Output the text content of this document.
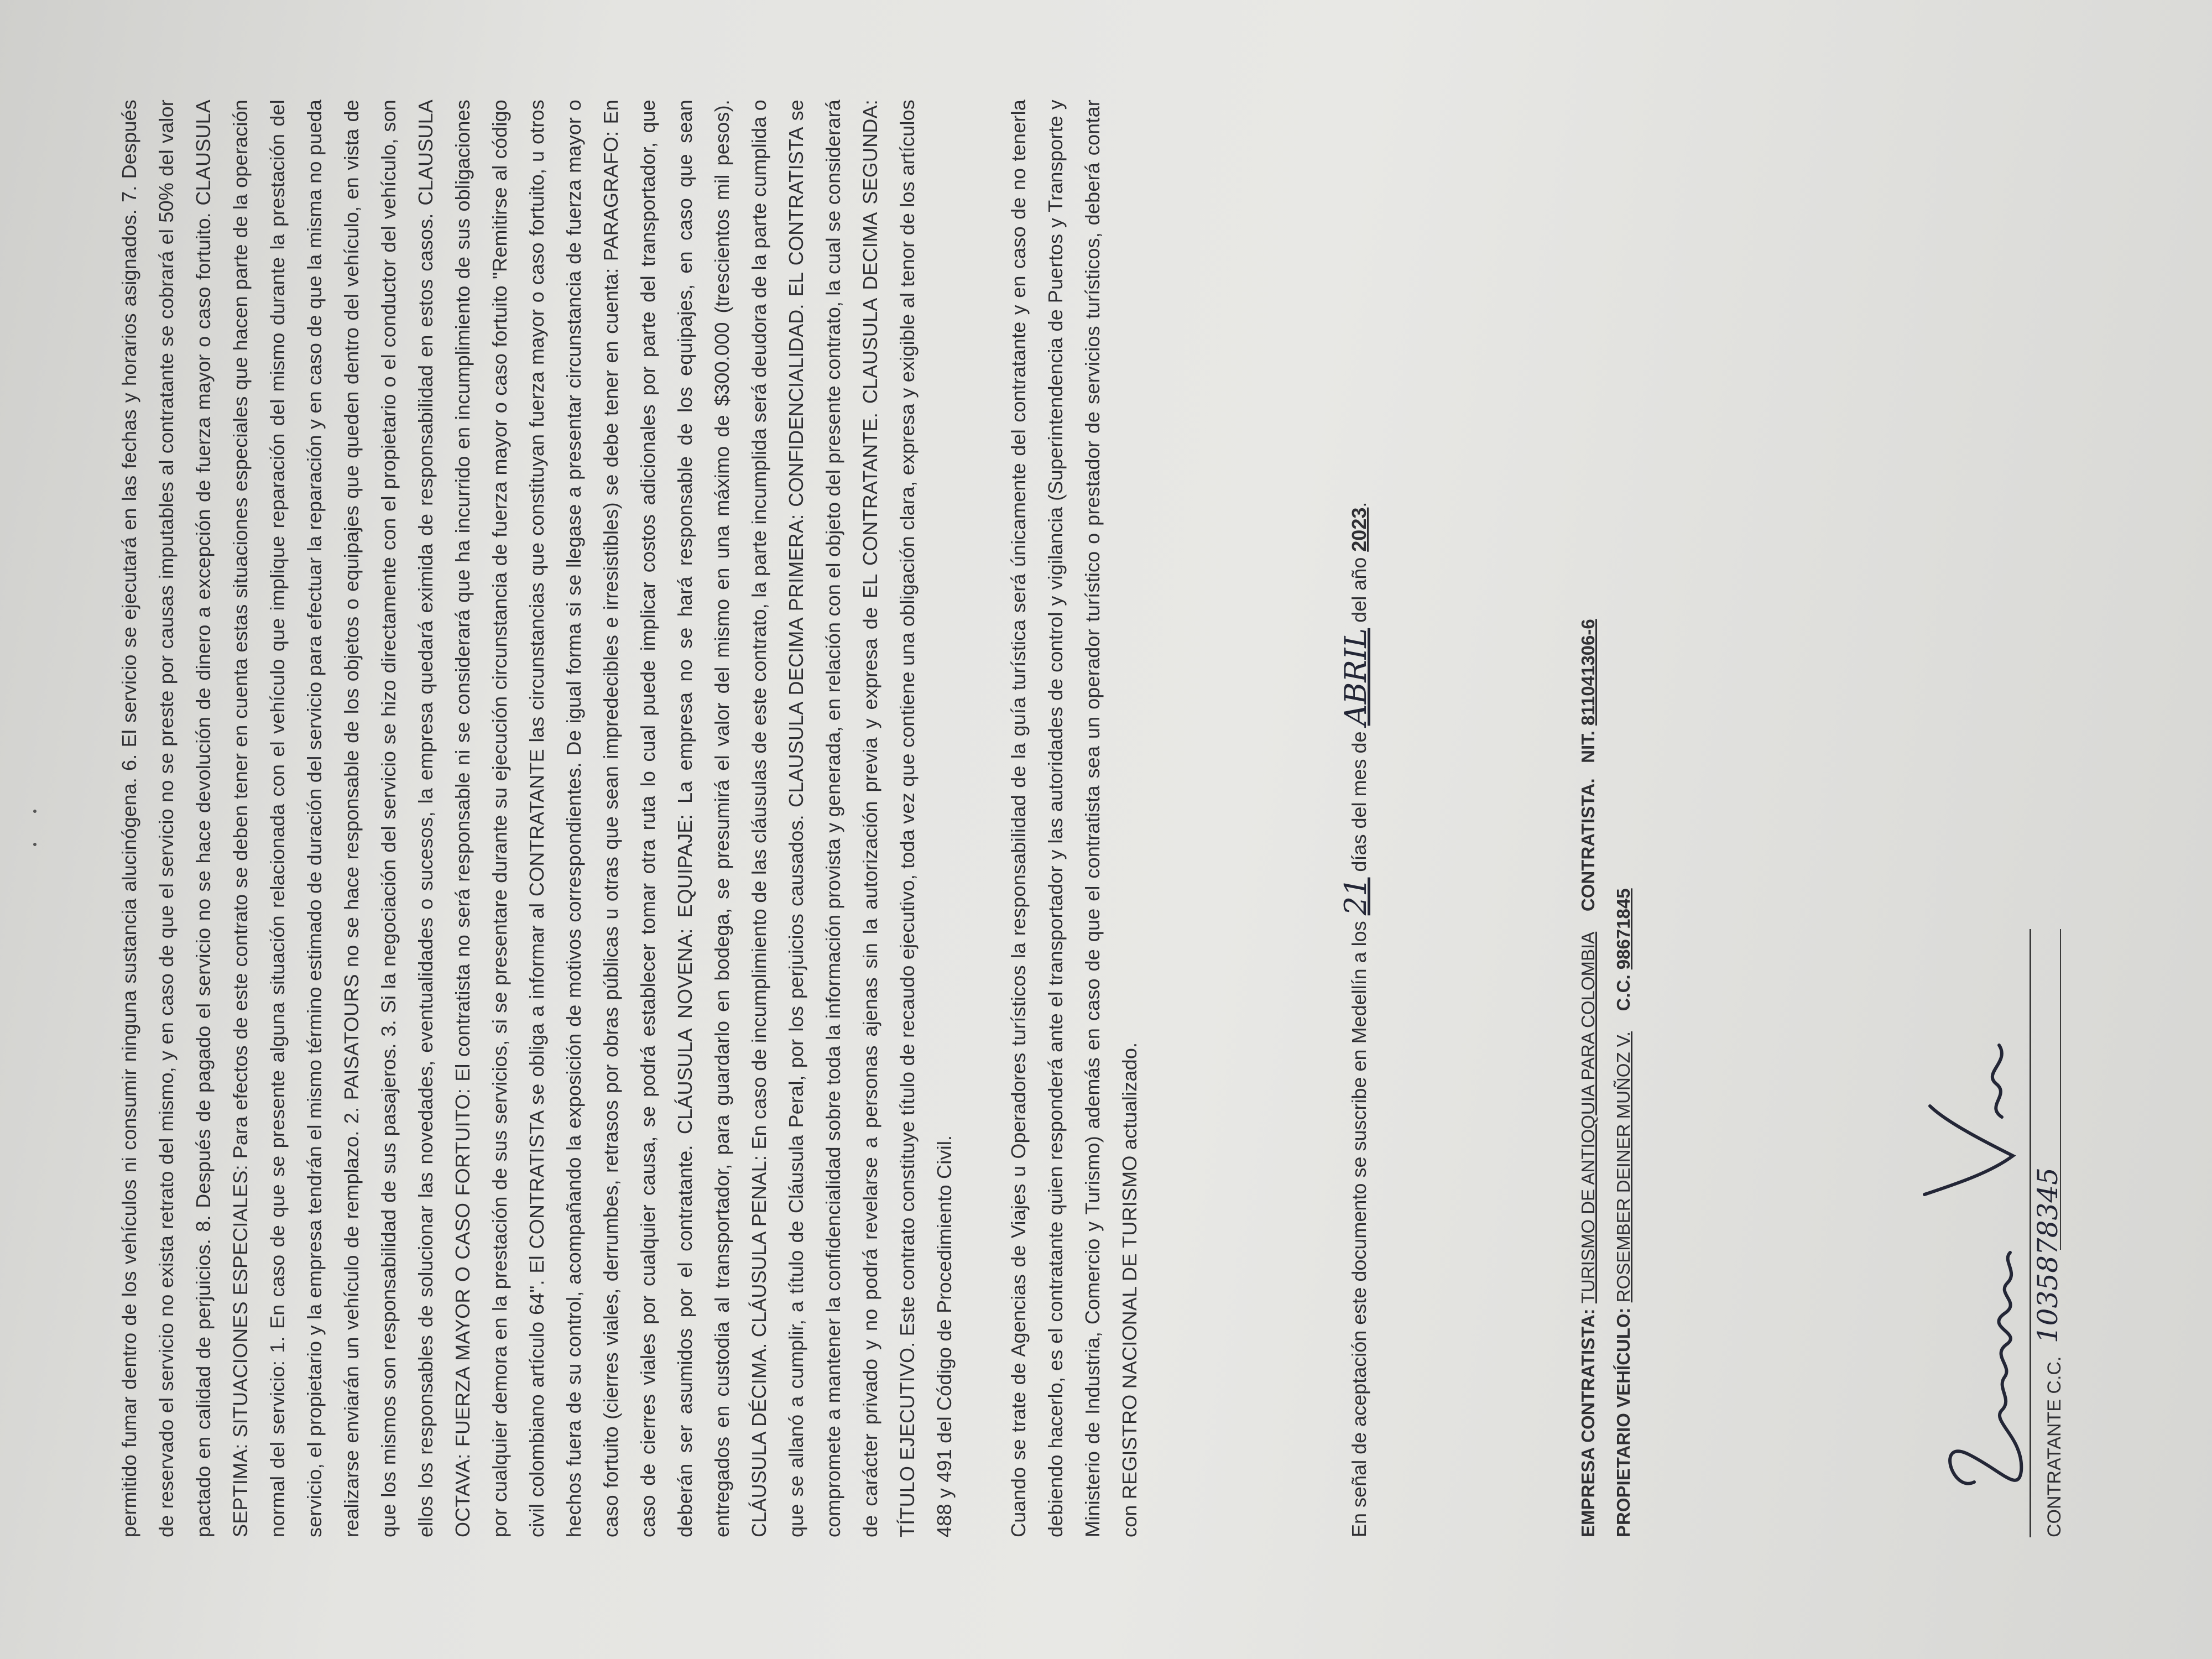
permitido fumar dentro de los vehículos ni consumir ninguna sustancia alucinógena. 6. El servicio se ejecutará en las fechas y horarios asignados. 7. Después de reservado el servicio no exista retrato del mismo, y en caso de que el servicio no se preste por causas imputables al contratante se cobrará el 50% del valor pactado en calidad de perjuicios. 8. Después de pagado el servicio no se hace devolución de dinero a excepción de fuerza mayor o caso fortuito. CLAUSULA SEPTIMA: SITUACIONES ESPECIALES: Para efectos de este contrato se deben tener en cuenta estas situaciones especiales que hacen parte de la operación normal del servicio: 1. En caso de que se presente alguna situación relacionada con el vehículo que implique reparación del mismo durante la prestación del servicio, el propietario y la empresa tendrán el mismo término estimado de duración del servicio para efectuar la reparación y en caso de que la misma no pueda realizarse enviarán un vehículo de remplazo. 2. PAISATOURS no se hace responsable de los objetos o equipajes que queden dentro del vehículo, en vista de que los mismos son responsabilidad de sus pasajeros. 3. Si la negociación del servicio se hizo directamente con el propietario o el conductor del vehículo, son ellos los responsables de solucionar las novedades, eventualidades o sucesos, la empresa quedará eximida de responsabilidad en estos casos. CLAUSULA OCTAVA: FUERZA MAYOR O CASO FORTUITO: El contratista no será responsable ni se considerará que ha incurrido en incumplimiento de sus obligaciones por cualquier demora en la prestación de sus servicios, si se presentare durante su ejecución circunstancia de fuerza mayor o caso fortuito "Remitirse al código civil colombiano artículo 64". El CONTRATISTA se obliga a informar al CONTRATANTE las circunstancias que constituyan fuerza mayor o caso fortuito, u otros hechos fuera de su control, acompañando la exposición de motivos correspondientes. De igual forma si se llegase a presentar circunstancia de fuerza mayor o caso fortuito (cierres viales, derrumbes, retrasos por obras públicas u otras que sean impredecibles e irresistibles) se debe tener en cuenta: PARAGRAFO: En caso de cierres viales por cualquier causa, se podrá establecer tomar otra ruta lo cual puede implicar costos adicionales por parte del transportador, que deberán ser asumidos por el contratante. CLÁUSULA NOVENA: EQUIPAJE: La empresa no se hará responsable de los equipajes, en caso que sean entregados en custodia al transportador, para guardarlo en bodega, se presumirá el valor del mismo en una máximo de $300.000 (trescientos mil pesos). CLÁUSULA DÉCIMA. CLÁUSULA PENAL: En caso de incumplimiento de las cláusulas de este contrato, la parte incumplida será deudora de la parte cumplida o que se allanó a cumplir, a título de Cláusula Peral, por los perjuicios causados. CLAUSULA DECIMA PRIMERA: CONFIDENCIALIDAD. EL CONTRATISTA se compromete a mantener la confidencialidad sobre toda la información provista y generada, en relación con el objeto del presente contrato, la cual se considerará de carácter privado y no podrá revelarse a personas ajenas sin la autorización previa y expresa de EL CONTRATANTE. CLAUSULA DECIMA SEGUNDA: TÍTULO EJECUTIVO. Este contrato constituye título de recaudo ejecutivo, toda vez que contiene una obligación clara, expresa y exigible al tenor de los artículos 488 y 491 del Código de Procedimiento Civil.	Cuando se trate de Agencias de Viajes u Operadores turísticos la responsabilidad de la guía turística será únicamente del contratante y en caso de no tenerla debiendo hacerlo, es el contratante quien responderá ante el transportador y las autoridades de control y vigilancia (Superintendencia de Puertos y Transporte y Ministerio de Industria, Comercio y Turismo) además en caso de que el contratista sea un operador turístico o prestador de servicios turísticos, deberá contar con REGISTRO NACIONAL DE TURISMO actualizado.	En señal de aceptación este documento se suscribe en Medellín a los 21 días del mes de ABRIL del año 2023.
EMPRESA CONTRATISTA: TURISMO DE ANTIOQUIA PARA COLOMBIA    CONTRATISTA.   NIT. 811041306-6
PROPIETARIO VEHÍCULO: ROSEMBER DEINER MUÑOZ V.    C.C. 98671845
CONTRATANTE C.C. 1035878345
